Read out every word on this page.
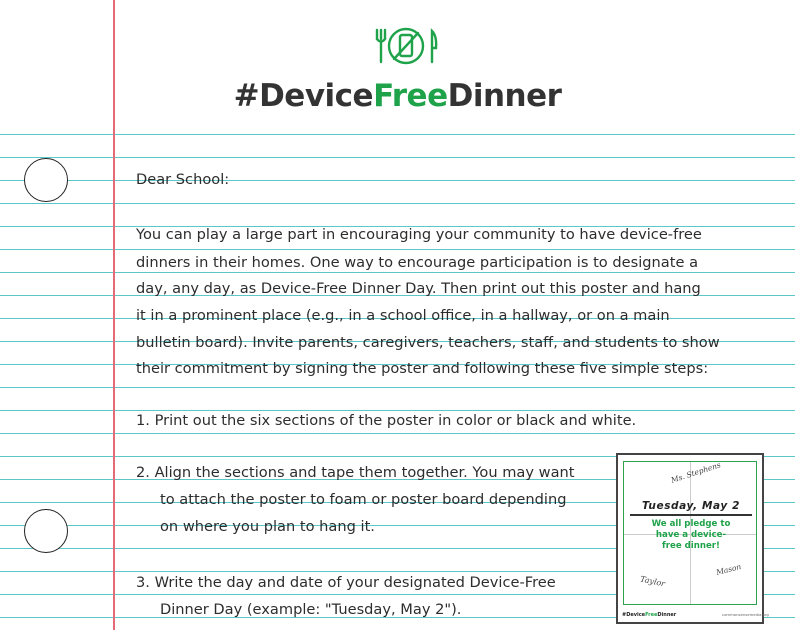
#DeviceFreeDinner
Dear School:
You can play a large part in encouraging your community to have device-free
dinners in their homes. One way to encourage participation is to designate a
day, any day, as Device-Free Dinner Day. Then print out this poster and hang
it in a prominent place (e.g., in a school office, in a hallway, or on a main
bulletin board). Invite parents, caregivers, teachers, staff, and students to show
their commitment by signing the poster and following these five simple steps:
1. Print out the six sections of the poster in color or black and white.
2. Align the sections and tape them together. You may want
to attach the poster to foam or poster board depending
on where you plan to hang it.
3. Write the day and date of your designated Device-Free
Dinner Day (example: "Tuesday, May 2").
Ms. Stephens
Tuesday, May 2
We all pledge to have a device-free dinner!
Taylor
Mason
#DeviceFreeDinner	commonsensemedia.org
